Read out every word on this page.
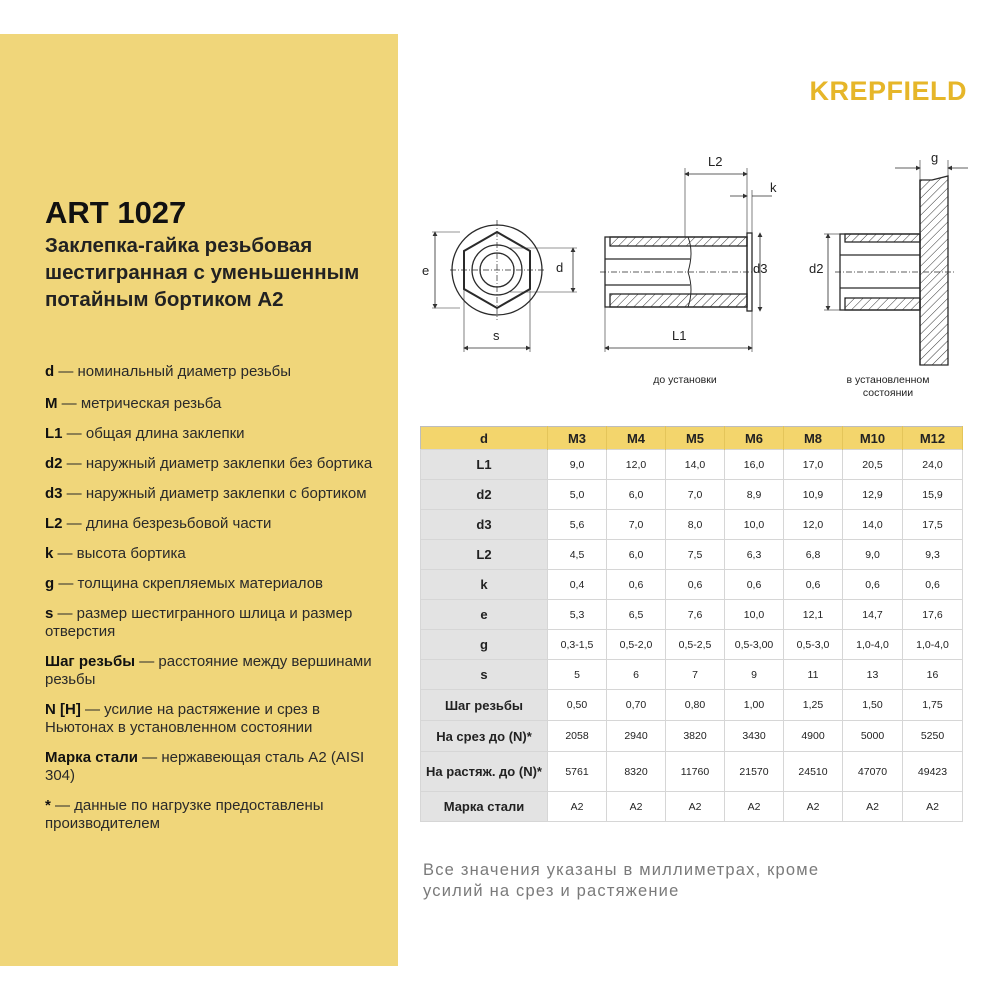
ART 1027
Заклепка-гайка резьбовая шестигранная с уменьшенным потайным бортиком А2
d — номинальный диаметр резьбы
M — метрическая резьба
L1 — общая длина заклепки
d2 — наружный диаметр заклепки без бортика
d3 — наружный диаметр заклепки с бортиком
L2 — длина безрезьбовой части
k — высота бортика
g — толщина скрепляемых материалов
s — размер шестигранного шлица и размер отверстия
Шаг резьбы — расстояние между вершинами резьбы
N [H] — усилие на растяжение и срез в Ньютонах в установленном состоянии
Марка стали — нержавеющая сталь А2 (AISI 304)
* — данные по нагрузке предоставлены производителем
KREPFIELD
e	d
s
L2
k
d3
L1
g
d2
до установки	в установленном состоянии
d	M3	M4	M5	M6	M8	M10	M12
L1	9,0	12,0	14,0	16,0	17,0	20,5	24,0
d2	5,0	6,0	7,0	8,9	10,9	12,9	15,9
d3	5,6	7,0	8,0	10,0	12,0	14,0	17,5
L2	4,5	6,0	7,5	6,3	6,8	9,0	9,3
k	0,4	0,6	0,6	0,6	0,6	0,6	0,6
e	5,3	6,5	7,6	10,0	12,1	14,7	17,6
g	0,3-1,5	0,5-2,0	0,5-2,5	0,5-3,00	0,5-3,0	1,0-4,0	1,0-4,0
s	5	6	7	9	11	13	16
Шаг резьбы	0,50	0,70	0,80	1,00	1,25	1,50	1,75
На срез до (N)*	2058	2940	3820	3430	4900	5000	5250
На растяж. до (N)*	5761	8320	11760	21570	24510	47070	49423
Марка стали	A2	A2	A2	A2	A2	A2	A2
Все значения указаны в миллиметрах, кроме усилий на срез и растяжение
